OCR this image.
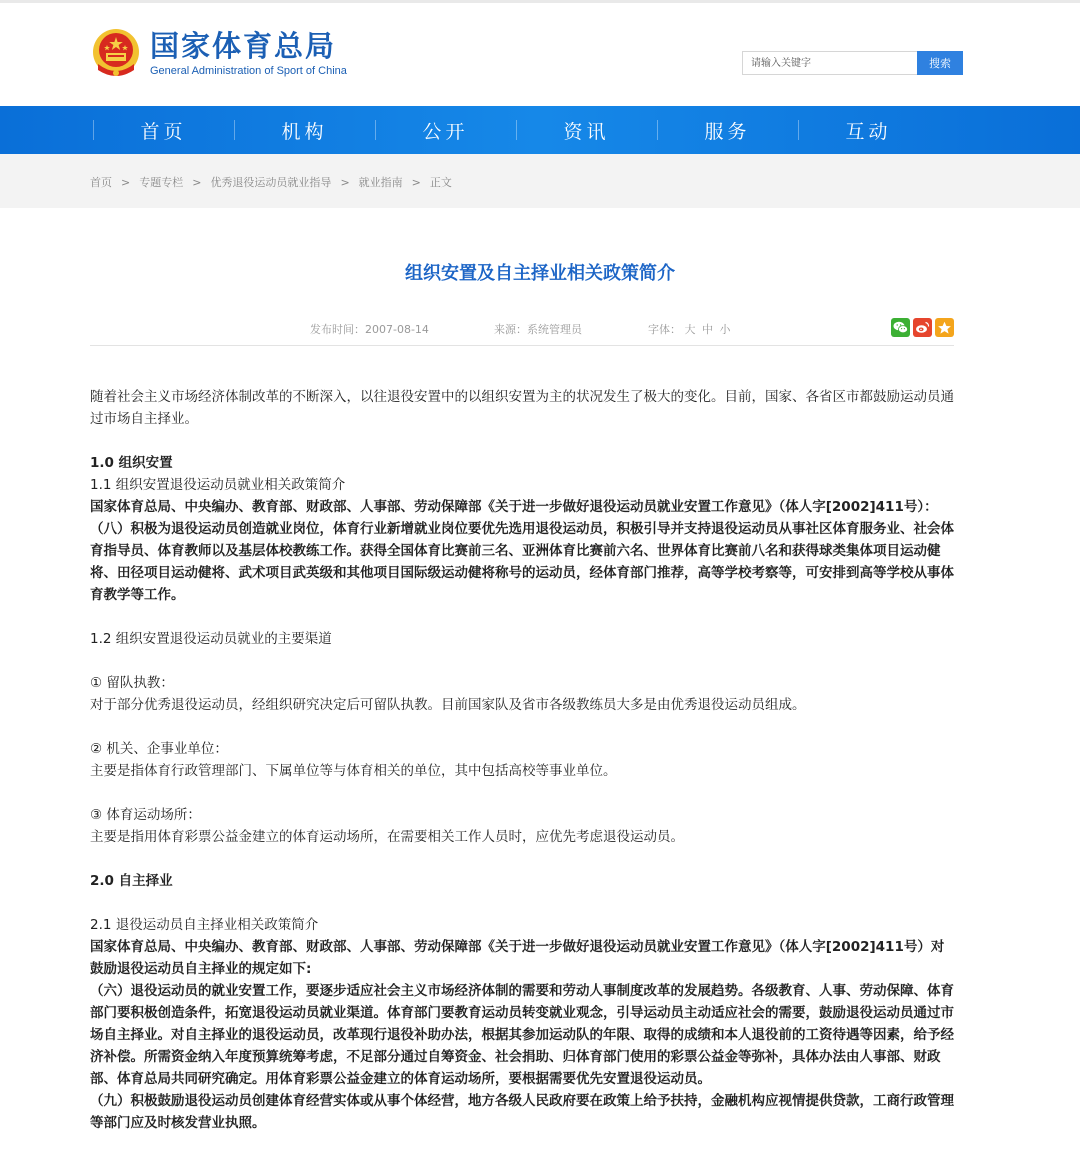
国家体育总局
General Administration of Sport of China
请输入关键字
搜索
首页	机构	公开	资讯	服务	互动
首页 > 专题专栏 > 优秀退役运动员就业指导 > 就业指南 > 正文
组织安置及自主择业相关政策简介
发布时间：2007-08-14	来源：系统管理员	字体： 大 中 小

随着社会主义市场经济体制改革的不断深入，以往退役安置中的以组织安置为主的状况发生了极大的变化。目前，国家、各省区市都鼓励运动员通过市场自主择业。

1.0 组织安置

1.1 组织安置退役运动员就业相关政策简介

国家体育总局、中央编办、教育部、财政部、人事部、劳动保障部《关于进一步做好退役运动员就业安置工作意见》（体人字[2002]411号）：（八）积极为退役运动员创造就业岗位，体育行业新增就业岗位要优先选用退役运动员，积极引导并支持退役运动员从事社区体育服务业、社会体育指导员、体育教师以及基层体校教练工作。获得全国体育比赛前三名、亚洲体育比赛前六名、世界体育比赛前八名和获得球类集体项目运动健将、田径项目运动健将、武术项目武英级和其他项目国际级运动健将称号的运动员，经体育部门推荐，高等学校考察等，可安排到高等学校从事体育教学等工作。

1.2 组织安置退役运动员就业的主要渠道

① 留队执教：

对于部分优秀退役运动员，经组织研究决定后可留队执教。目前国家队及省市各级教练员大多是由优秀退役运动员组成。

② 机关、企事业单位：

主要是指体育行政管理部门、下属单位等与体育相关的单位，其中包括高校等事业单位。

③ 体育运动场所：

主要是指用体育彩票公益金建立的体育运动场所，在需要相关工作人员时，应优先考虑退役运动员。

2.0 自主择业

2.1 退役运动员自主择业相关政策简介

国家体育总局、中央编办、教育部、财政部、人事部、劳动保障部《关于进一步做好退役运动员就业安置工作意见》（体人字[2002]411号）对鼓励退役运动员自主择业的规定如下:

（六）退役运动员的就业安置工作，要逐步适应社会主义市场经济体制的需要和劳动人事制度改革的发展趋势。各级教育、人事、劳动保障、体育部门要积极创造条件，拓宽退役运动员就业渠道。体育部门要教育运动员转变就业观念，引导运动员主动适应社会的需要，鼓励退役运动员通过市场自主择业。对自主择业的退役运动员，改革现行退役补助办法，根据其参加运动队的年限、取得的成绩和本人退役前的工资待遇等因素，给予经济补偿。所需资金纳入年度预算统筹考虑，不足部分通过自筹资金、社会捐助、归体育部门使用的彩票公益金等弥补，具体办法由人事部、财政部、体育总局共同研究确定。用体育彩票公益金建立的体育运动场所，要根据需要优先安置退役运动员。

（九）积极鼓励退役运动员创建体育经营实体或从事个体经营，地方各级人民政府要在政策上给予扶持，金融机构应视情提供贷款，工商行政管理等部门应及时核发营业执照。
